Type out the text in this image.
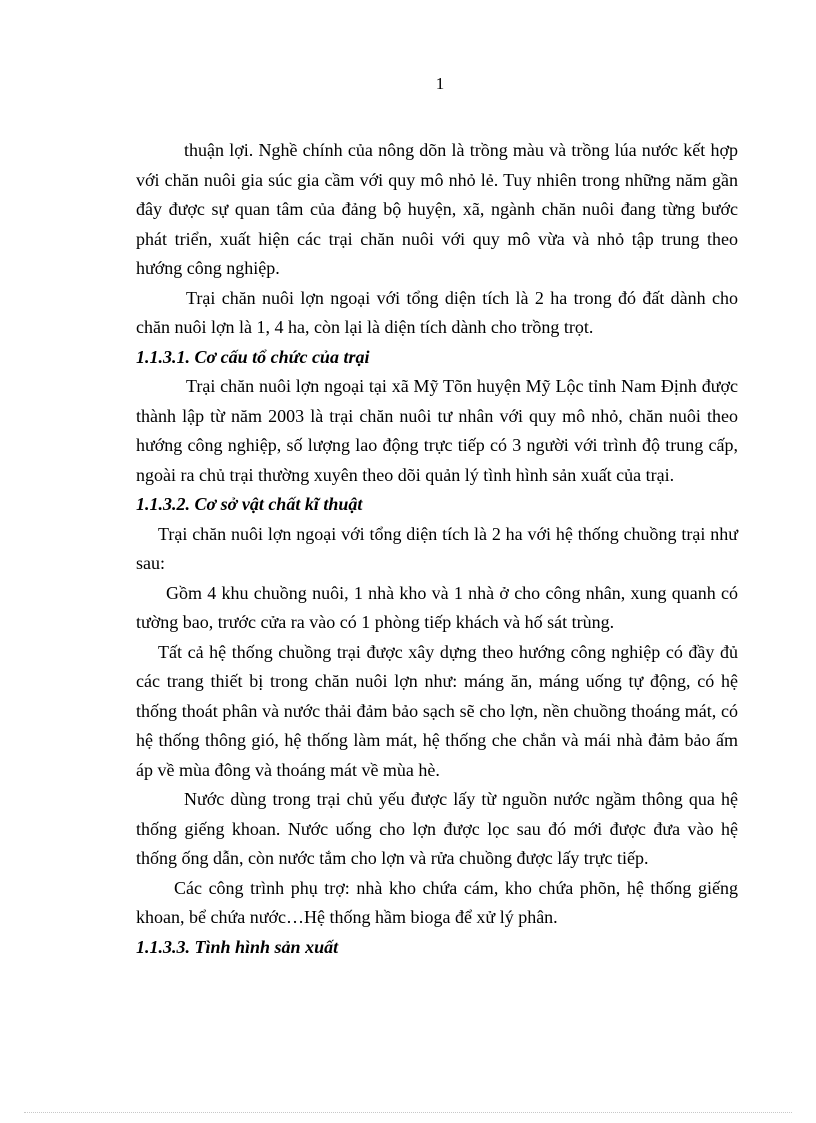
1

thuận lợi. Nghề chính của nông dõn là trồng màu và trồng lúa nước kết hợp với chăn nuôi gia súc gia cầm với quy mô nhỏ lẻ. Tuy nhiên trong những năm gần đây được sự quan tâm của đảng bộ huyện, xã, ngành chăn nuôi đang từng bước phát triển, xuất hiện các trại chăn nuôi với quy mô vừa và nhỏ tập trung theo hướng công nghiệp.

Trại chăn nuôi lợn ngoại với tổng diện tích là 2 ha trong đó đất dành cho chăn nuôi lợn là 1, 4 ha, còn lại là diện tích dành cho trồng trọt.

1.1.3.1. Cơ cấu tổ chức của trại

Trại chăn nuôi lợn ngoại tại xã Mỹ Tõn huyện Mỹ Lộc tỉnh Nam Định được thành lập từ năm 2003 là trại chăn nuôi tư nhân với quy mô nhỏ, chăn nuôi theo hướng công nghiệp, số lượng lao động trực tiếp có 3 người với trình độ trung cấp, ngoài ra chủ trại thường xuyên theo dõi quản lý tình hình sản xuất của trại.

1.1.3.2. Cơ sở vật chất kĩ thuật

Trại chăn nuôi lợn ngoại với tổng diện tích là 2 ha với hệ thống chuồng trại như sau:

Gồm 4 khu chuồng nuôi, 1 nhà kho và 1 nhà ở cho công nhân, xung quanh có tường bao, trước cửa ra vào có 1 phòng tiếp khách và hố sát trùng.

Tất cả hệ thống chuồng trại được xây dựng theo hướng công nghiệp có đầy đủ các trang thiết bị trong chăn nuôi lợn như: máng ăn, máng uống tự động, có hệ thống thoát phân và nước thải đảm bảo sạch sẽ cho lợn, nền chuồng thoáng mát, có hệ thống thông gió, hệ thống làm mát, hệ thống che chắn và mái nhà đảm bảo ấm áp về mùa đông và thoáng mát về mùa hè.

Nước dùng trong trại chủ yếu được lấy từ nguồn nước ngầm thông qua hệ thống giếng khoan. Nước uống cho lợn được lọc sau đó mới được đưa vào hệ thống ống dẫn, còn nước tắm cho lợn và rửa chuồng được lấy trực tiếp.

Các công trình phụ trợ: nhà kho chứa cám, kho chứa phõn, hệ thống giếng khoan, bể chứa nước…Hệ thống hầm bioga để xử lý phân.

1.1.3.3. Tình hình sản xuất
